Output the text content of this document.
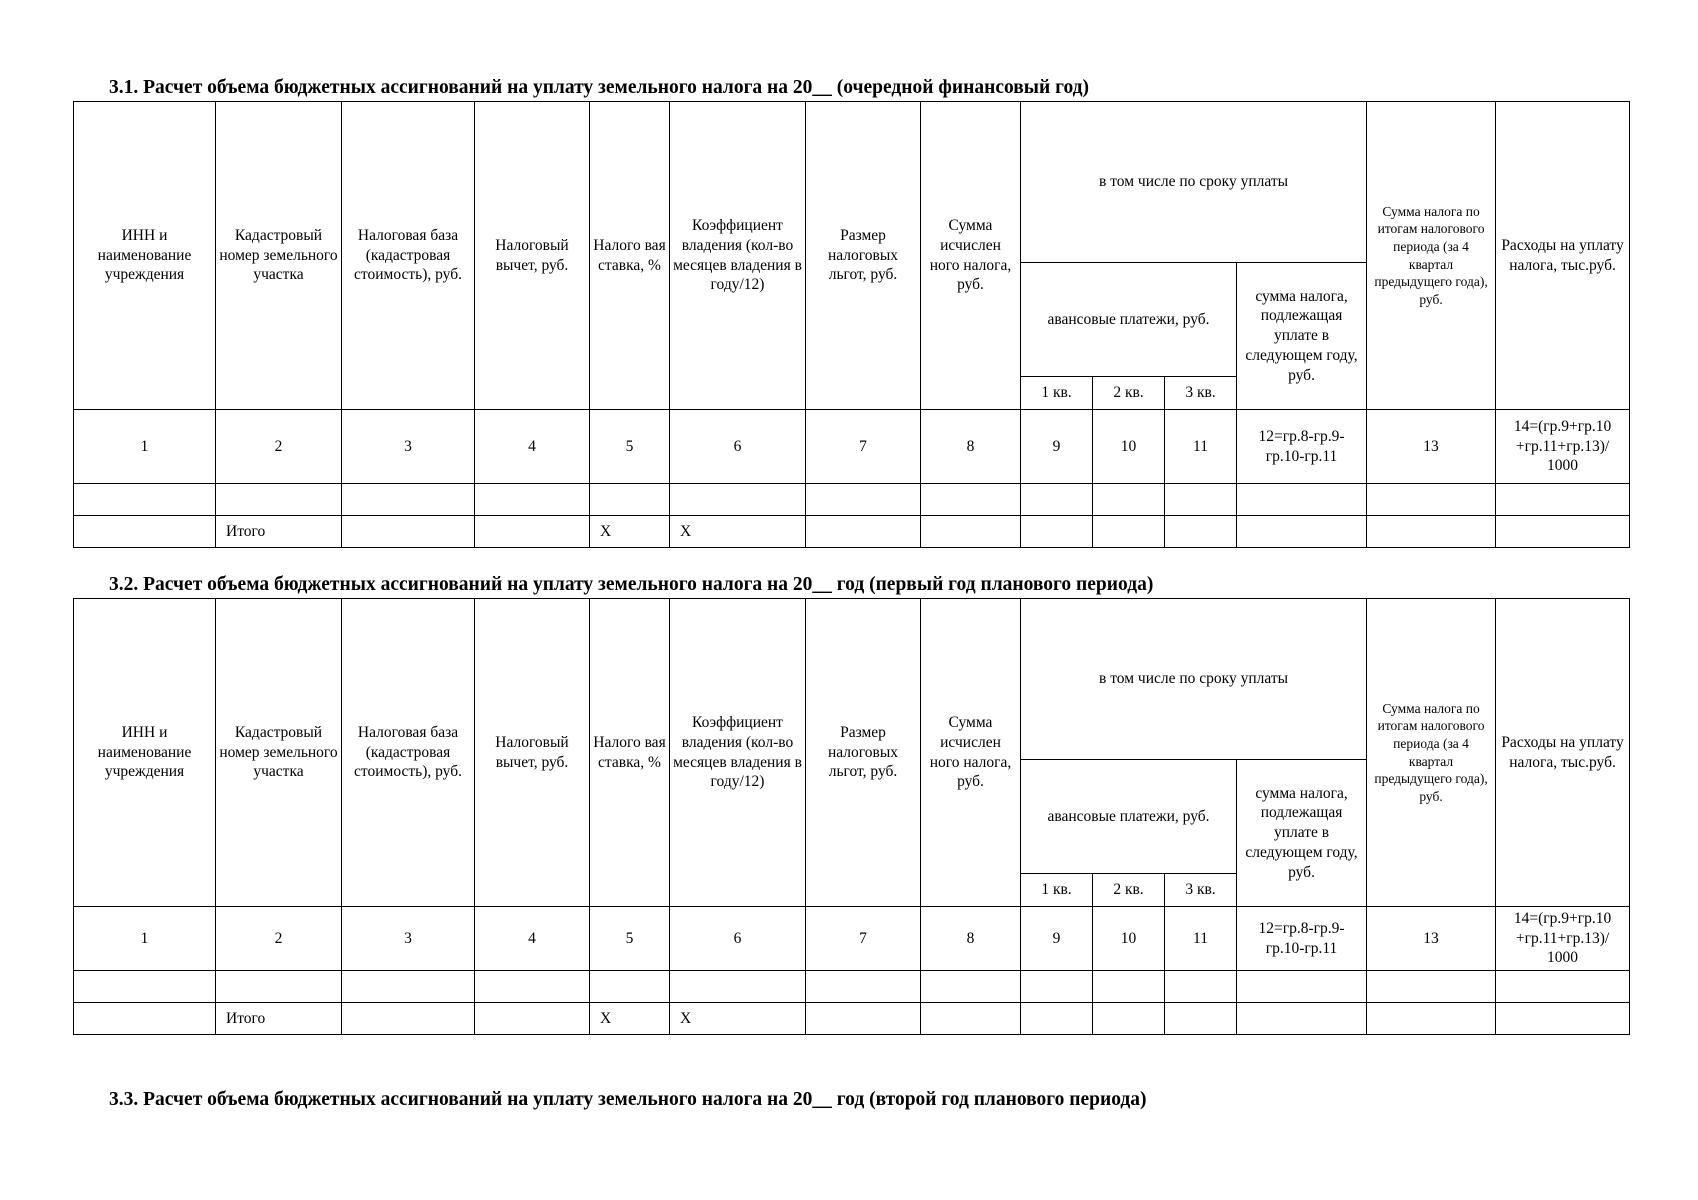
3.1. Расчет объема бюджетных ассигнований на уплату земельного налога на 20__ (очередной финансовый год)
ИНН и наименование учреждения	Кадастровый номер земельного участка	Налоговая база (кадастровая стоимость), руб.	Налоговый вычет, руб.	Налого вая ставка, %	Коэффициент владения (кол-во месяцев владения в году/12)	Размер налоговых льгот, руб.	Сумма исчислен ного налога, руб.	в том числе по сроку уплаты				Сумма налога по итогам налогового периода (за 4 квартал предыдущего года), руб.	Расходы на уплату налога, тыс.руб.
								авансовые платежи, руб.			сумма налога, подлежащая уплате в следующем году, руб.		
								1 кв.	2 кв.	3 кв.			
1	2	3	4	5	6	7	8	9	10	11	12=гр.8-гр.9-гр.10-гр.11	13	14=(гр.9+гр.10 +гр.11+гр.13)/ 1000

	Итого			X	X								
3.2. Расчет объема бюджетных ассигнований на уплату земельного налога на 20__ год (первый год планового периода)
ИНН и наименование учреждения	Кадастровый номер земельного участка	Налоговая база (кадастровая стоимость), руб.	Налоговый вычет, руб.	Налого вая ставка, %	Коэффициент владения (кол-во месяцев владения в году/12)	Размер налоговых льгот, руб.	Сумма исчислен ного налога, руб.	в том числе по сроку уплаты				Сумма налога по итогам налогового периода (за 4 квартал предыдущего года), руб.	Расходы на уплату налога, тыс.руб.
								авансовые платежи, руб.			сумма налога, подлежащая уплате в следующем году, руб.		
								1 кв.	2 кв.	3 кв.			
1	2	3	4	5	6	7	8	9	10	11	12=гр.8-гр.9-гр.10-гр.11	13	14=(гр.9+гр.10 +гр.11+гр.13)/ 1000

	Итого			X	X								
3.3. Расчет объема бюджетных ассигнований на уплату земельного налога на 20__ год (второй год планового периода)
